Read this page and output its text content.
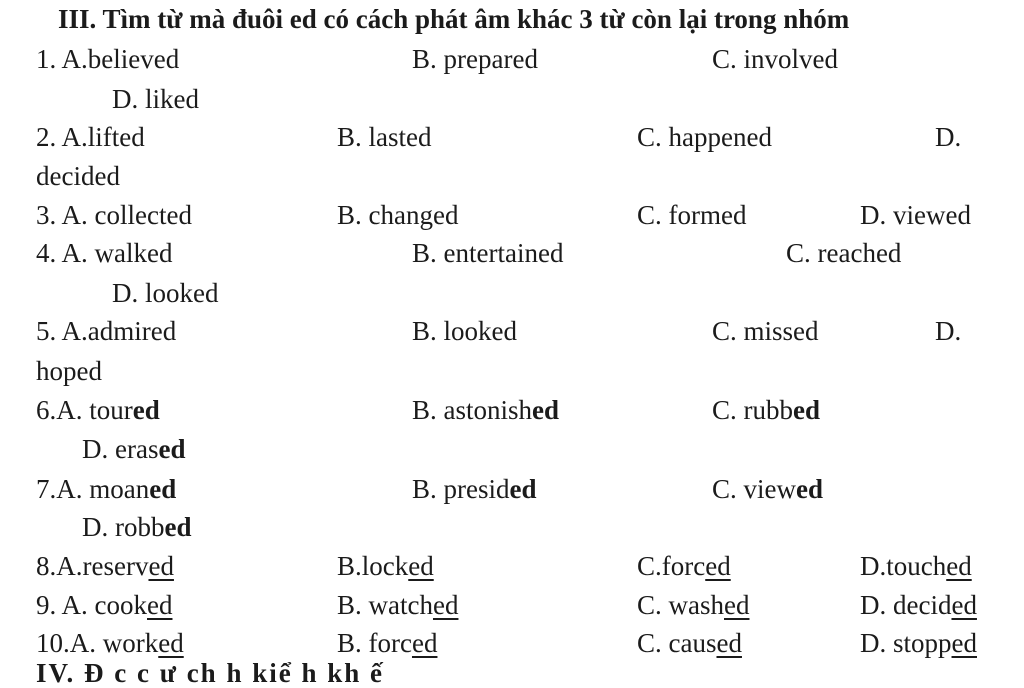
III. Tìm từ mà đuôi ed có cách phát âm khác 3 từ còn lại trong nhóm
1. A.believed	B. prepared	C. involved
D. liked
2. A.lifted	B. lasted	C. happened	D.
decided
3. A. collected	B. changed	C. formed	D. viewed
4. A. walked	B. entertained	C. reached
D. looked
5. A.admired	B. looked	C. missed	D.
hoped
6.A. toured	B. astonished	C. rubbed
D. erased
7.A. moaned	B. presided	C. viewed
D. robbed
8.A.reserved	B.locked	C.forced	D.touched
9. A. cooked	B. watched	C. washed	D. decided
10.A. worked	B. forced	C. caused	D. stopped
IV. Đ c c ư ch h kiể h kh ế
